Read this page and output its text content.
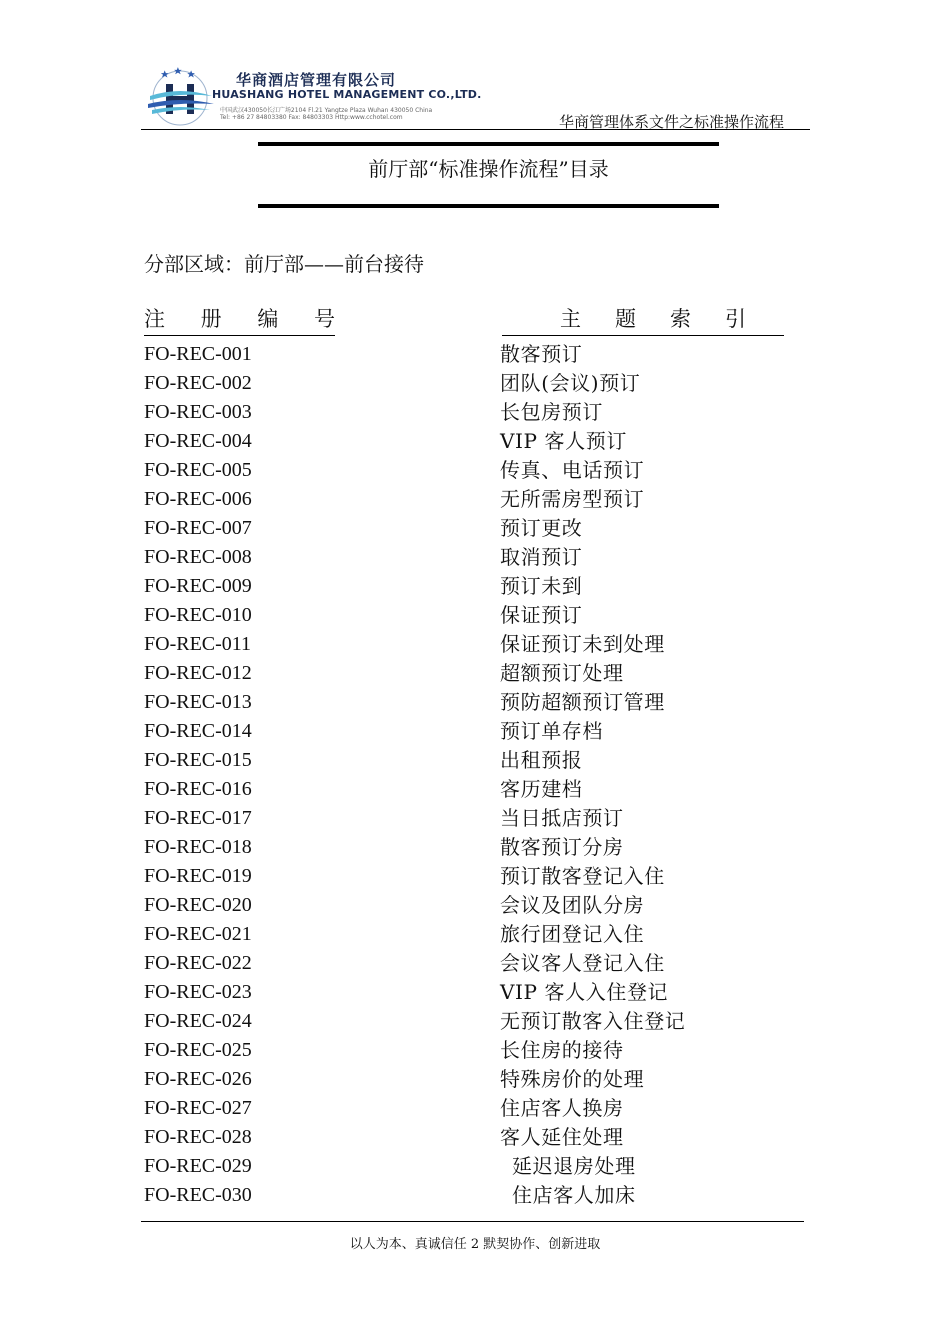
华商酒店管理有限公司
HUASHANG HOTEL MANAGEMENT CO.,LTD.
中国武汉430050长江广场2104 Fl.21 Yangtze Plaza Wuhan 430050 China
Tel: +86 27 84803380 Fax: 84803303 Http:www.cchotel.com	华商管理体系文件之标准操作流程
前厅部“标准操作流程”目录
分部区域：前厅部——前台接待
注 册 编 号	主 题 索 引
FO-REC-001	散客预订
FO-REC-002	团队(会议)预订
FO-REC-003	长包房预订
FO-REC-004	VIP 客人预订
FO-REC-005	传真、电话预订
FO-REC-006	无所需房型预订
FO-REC-007	预订更改
FO-REC-008	取消预订
FO-REC-009	预订未到
FO-REC-010	保证预订
FO-REC-011	保证预订未到处理
FO-REC-012	超额预订处理
FO-REC-013	预防超额预订管理
FO-REC-014	预订单存档
FO-REC-015	出租预报
FO-REC-016	客历建档
FO-REC-017	当日抵店预订
FO-REC-018	散客预订分房
FO-REC-019	预订散客登记入住
FO-REC-020	会议及团队分房
FO-REC-021	旅行团登记入住
FO-REC-022	会议客人登记入住
FO-REC-023	VIP 客人入住登记
FO-REC-024	无预订散客入住登记
FO-REC-025	长住房的接待
FO-REC-026	特殊房价的处理
FO-REC-027	住店客人换房
FO-REC-028	客人延住处理
FO-REC-029	延迟退房处理
FO-REC-030	住店客人加床
以人为本、真诚信任 2 默契协作、创新进取
